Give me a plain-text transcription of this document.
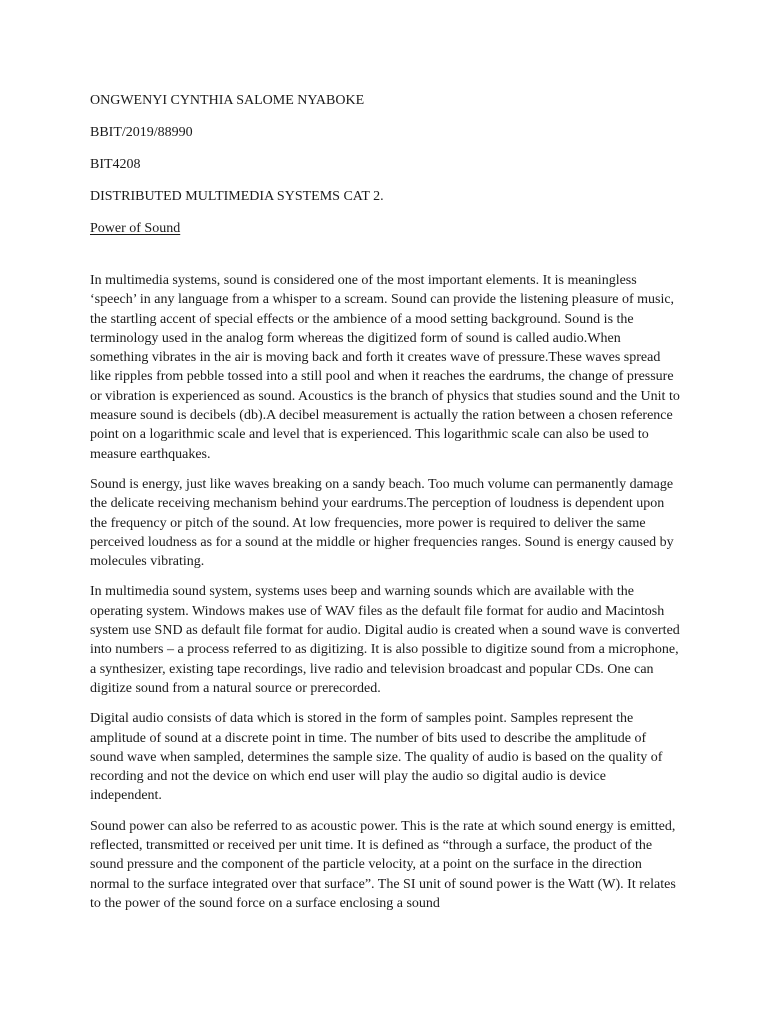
ONGWENYI CYNTHIA SALOME NYABOKE

BBIT/2019/88990

BIT4208

DISTRIBUTED MULTIMEDIA SYSTEMS CAT 2.

Power of Sound

In multimedia systems, sound is considered one of the most important elements. It is meaningless ‘speech’ in any language from a whisper to a scream. Sound can provide the listening pleasure of music, the startling accent of special effects or the ambience of a mood setting background. Sound is the terminology used in the analog form whereas the digitized form of sound is called audio.When something vibrates in the air is moving back and forth it creates wave of pressure.These waves spread like ripples from pebble tossed into a still pool and when it reaches the eardrums, the change of pressure or vibration is experienced as sound. Acoustics is the branch of physics that studies sound and the Unit to measure sound is decibels (db).A decibel measurement is actually the ration between a chosen reference point on a logarithmic scale and level that is experienced. This logarithmic scale can also be used to measure earthquakes.

Sound is energy, just like waves breaking on a sandy beach. Too much volume can permanently damage the delicate receiving mechanism behind your eardrums.The perception of loudness is dependent upon the frequency or pitch of the sound. At low frequencies, more power is required to deliver the same perceived loudness as for a sound at the middle or higher frequencies ranges. Sound is energy caused by molecules vibrating.

In multimedia sound system, systems uses beep and warning sounds which are available with the operating system. Windows makes use of WAV files as the default file format for audio and Macintosh system use SND as default file format for audio. Digital audio is created when a sound wave is converted into numbers – a process referred to as digitizing. It is also possible to digitize sound from a microphone, a synthesizer, existing tape recordings, live radio and television broadcast and popular CDs. One can digitize sound from a natural source or prerecorded.

Digital audio consists of data which is stored in the form of samples point. Samples represent the amplitude of sound at a discrete point in time. The number of bits used to describe the amplitude of sound wave when sampled, determines the sample size. The quality of audio is based on the quality of recording and not the device on which end user will play the audio so digital audio is device independent.

Sound power can also be referred to as acoustic power. This is the rate at which sound energy is emitted, reflected, transmitted or received per unit time. It is defined as “through a surface, the product of the sound pressure and the component of the particle velocity, at a point on the surface in the direction normal to the surface integrated over that surface”. The SI unit of sound power is the Watt (W). It relates to the power of the sound force on a surface enclosing a sound
